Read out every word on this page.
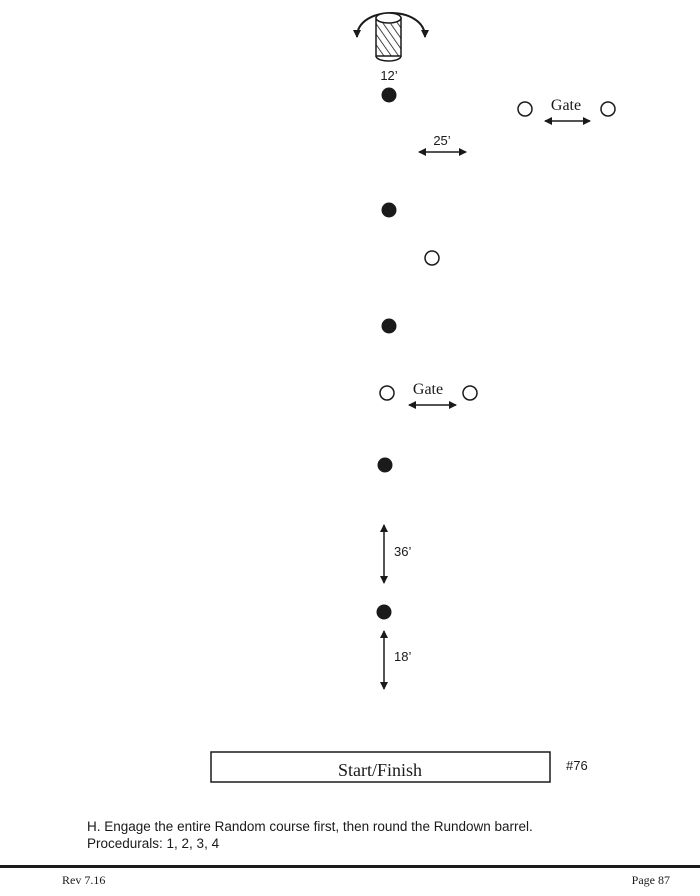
12’
Gate
25’
Gate
36’
18’
Start/Finish	#76
H. Engage the entire Random course first, then round the Rundown barrel.
Procedurals: 1, 2, 3, 4
Rev 7.16	Page 87
